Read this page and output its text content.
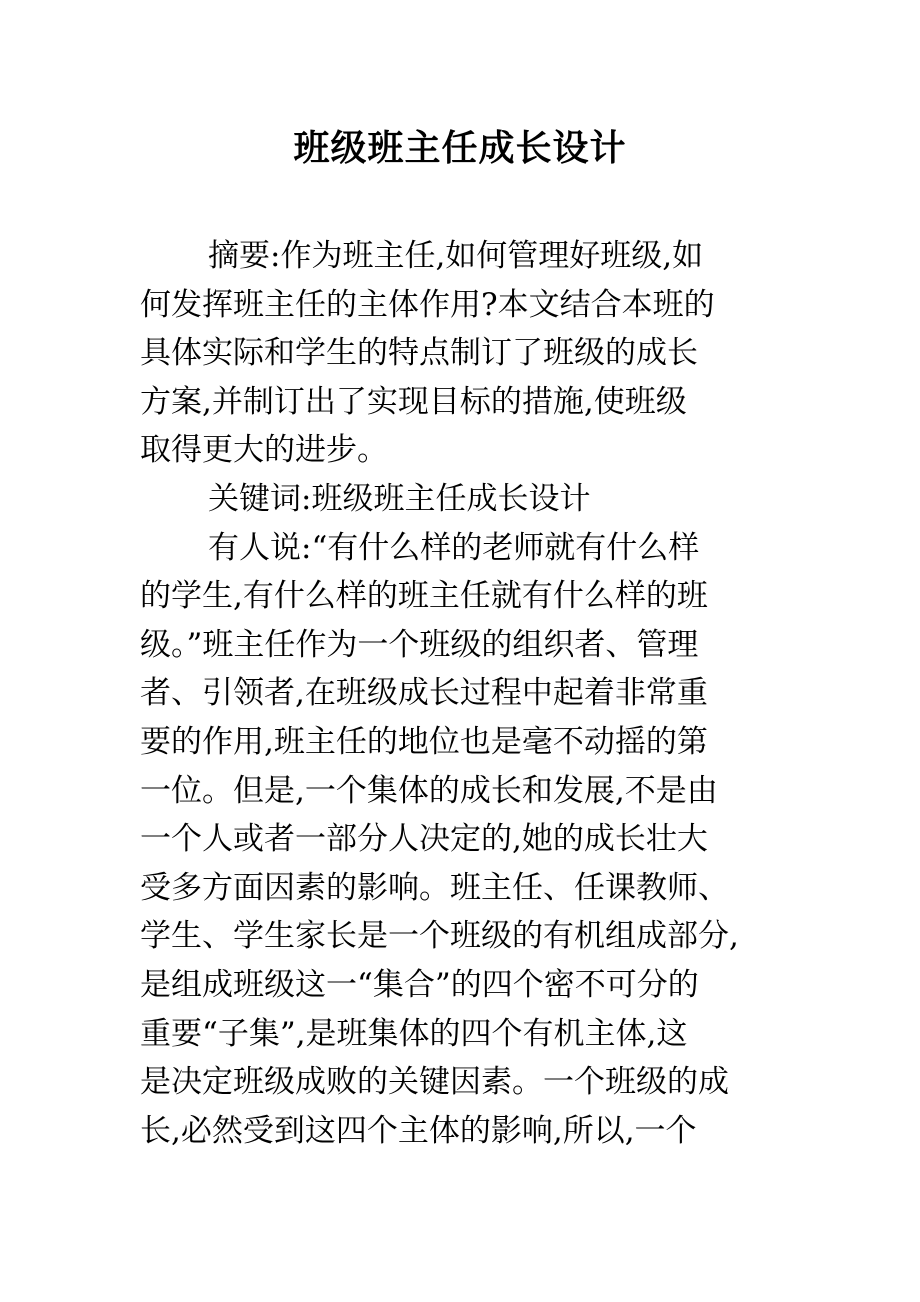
班级班主任成长设计
摘要:作为班主任,如何管理好班级,如
何发挥班主任的主体作用?本文结合本班的
具体实际和学生的特点制订了班级的成长
方案,并制订出了实现目标的措施,使班级
取得更大的进步。
关键词:班级班主任成长设计
有人说:“有什么样的老师就有什么样
的学生,有什么样的班主任就有什么样的班
级。”班主任作为一个班级的组织者、管理
者、引领者,在班级成长过程中起着非常重
要的作用,班主任的地位也是毫不动摇的第
一位。但是,一个集体的成长和发展,不是由
一个人或者一部分人决定的,她的成长壮大
受多方面因素的影响。班主任、任课教师、
学生、学生家长是一个班级的有机组成部分,
是组成班级这一“集合”的四个密不可分的
重要“子集”,是班集体的四个有机主体,这
是决定班级成败的关键因素。一个班级的成
长,必然受到这四个主体的影响,所以,一个
